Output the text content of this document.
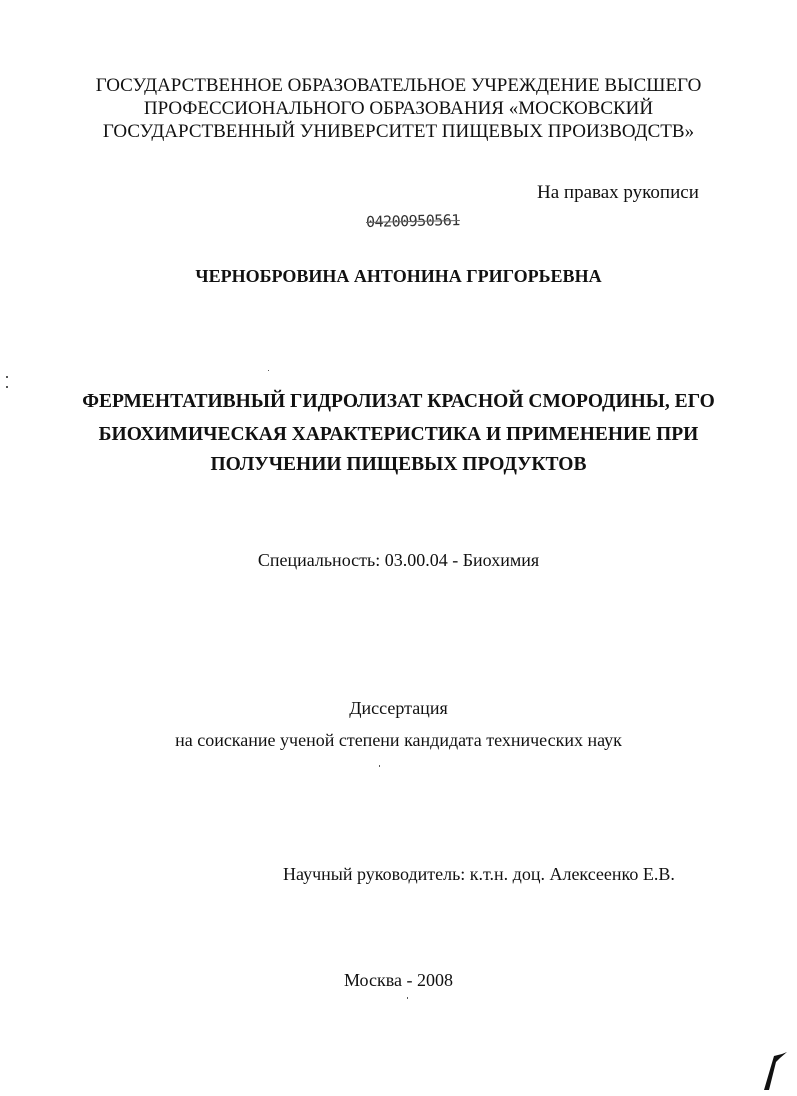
ГОСУДАРСТВЕННОЕ ОБРАЗОВАТЕЛЬНОЕ УЧРЕЖДЕНИЕ ВЫСШЕГО
ПРОФЕССИОНАЛЬНОГО ОБРАЗОВАНИЯ «МОСКОВСКИЙ
ГОСУДАРСТВЕННЫЙ УНИВЕРСИТЕТ ПИЩЕВЫХ ПРОИЗВОДСТВ»
На правах рукописи
04200950561
ЧЕРНОБРОВИНА АНТОНИНА ГРИГОРЬЕВНА
ФЕРМЕНТАТИВНЫЙ ГИДРОЛИЗАТ КРАСНОЙ СМОРОДИНЫ, ЕГО
БИОХИМИЧЕСКАЯ ХАРАКТЕРИСТИКА И ПРИМЕНЕНИЕ ПРИ
ПОЛУЧЕНИИ ПИЩЕВЫХ ПРОДУКТОВ
Специальность: 03.00.04 - Биохимия
Диссертация
на соискание ученой степени кандидата технических наук
Научный руководитель: к.т.н. доц. Алексеенко Е.В.
Москва - 2008
